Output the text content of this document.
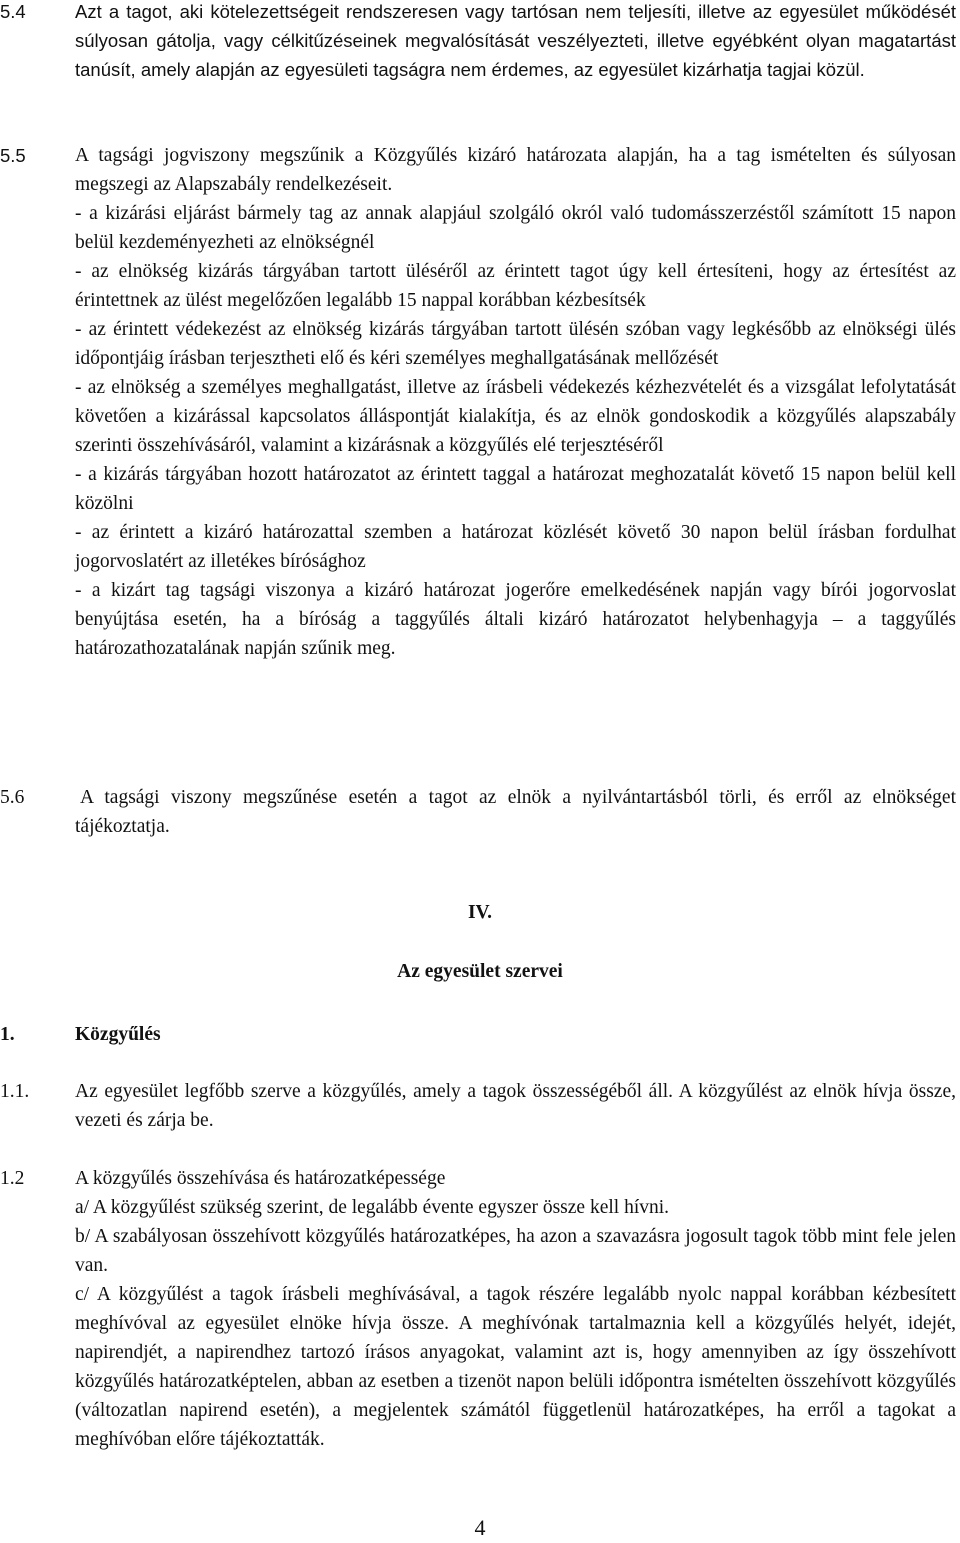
5.4	Azt a tagot, aki kötelezettségeit rendszeresen vagy tartósan nem teljesíti, illetve az egyesület működését súlyosan gátolja, vagy célkitűzéseinek megvalósítását veszélyezteti, illetve egyébként olyan magatartást tanúsít, amely alapján az egyesületi tagságra nem érdemes, az egyesület kizárhatja tagjai közül.

5.5	A tagsági jogviszony megszűnik a Közgyűlés kizáró határozata alapján, ha a tag ismételten és súlyosan megszegi az Alapszabály rendelkezéseit.

- a kizárási eljárást bármely tag az annak alapjául szolgáló okról való tudomásszerzéstől számított 15 napon belül kezdeményezheti az elnökségnél

- az elnökség kizárás tárgyában tartott üléséről az érintett tagot úgy kell értesíteni, hogy az értesítést az érintettnek az ülést megelőzően legalább 15 nappal korábban kézbesítsék

- az érintett védekezést az elnökség kizárás tárgyában tartott ülésén szóban vagy legkésőbb az elnökségi ülés időpontjáig írásban terjesztheti elő és kéri személyes meghallgatásának mellőzését

- az elnökség a személyes meghallgatást, illetve az írásbeli védekezés kézhezvételét és a vizsgálat lefolytatását követően a kizárással kapcsolatos álláspontját kialakítja, és az elnök gondoskodik a közgyűlés alapszabály szerinti összehívásáról, valamint a kizárásnak a közgyűlés elé terjesztéséről

- a kizárás tárgyában hozott határozatot az érintett taggal a határozat meghozatalát követő 15 napon belül kell közölni

- az érintett a kizáró határozattal szemben a határozat közlését követő 30 napon belül írásban fordulhat jogorvoslatért az illetékes bírósághoz

- a kizárt tag tagsági viszonya a kizáró határozat jogerőre emelkedésének napján vagy bírói jogorvoslat benyújtása esetén, ha a bíróság a taggyűlés általi kizáró határozatot helybenhagyja – a taggyűlés határozathozatalának napján szűnik meg.

5.6	A tagsági viszony megszűnése esetén a tagot az elnök a nyilvántartásból törli, és erről az elnökséget tájékoztatja.

IV.
Az egyesület szervei
1.	Közgyűlés
1.1. Az egyesület legfőbb szerve a közgyűlés, amely a tagok összességéből áll. A közgyűlést az elnök hívja össze, vezeti és zárja be.

1.2	A közgyűlés összehívása és határozatképessége

a/ A közgyűlést szükség szerint, de legalább évente egyszer össze kell hívni.

b/ A szabályosan összehívott közgyűlés határozatképes, ha azon a szavazásra jogosult tagok több mint fele jelen van.

c/ A közgyűlést a tagok írásbeli meghívásával, a tagok részére legalább nyolc nappal korábban kézbesített meghívóval az egyesület elnöke hívja össze. A meghívónak tartalmaznia kell a közgyűlés helyét, idejét, napirendjét, a napirendhez tartozó írásos anyagokat, valamint azt is, hogy amennyiben az így összehívott közgyűlés határozatképtelen, abban az esetben a tizenöt napon belüli időpontra ismételten összehívott közgyűlés (változatlan napirend esetén), a megjelentek számától függetlenül határozatképes, ha erről a tagokat a meghívóban előre tájékoztatták.

4
